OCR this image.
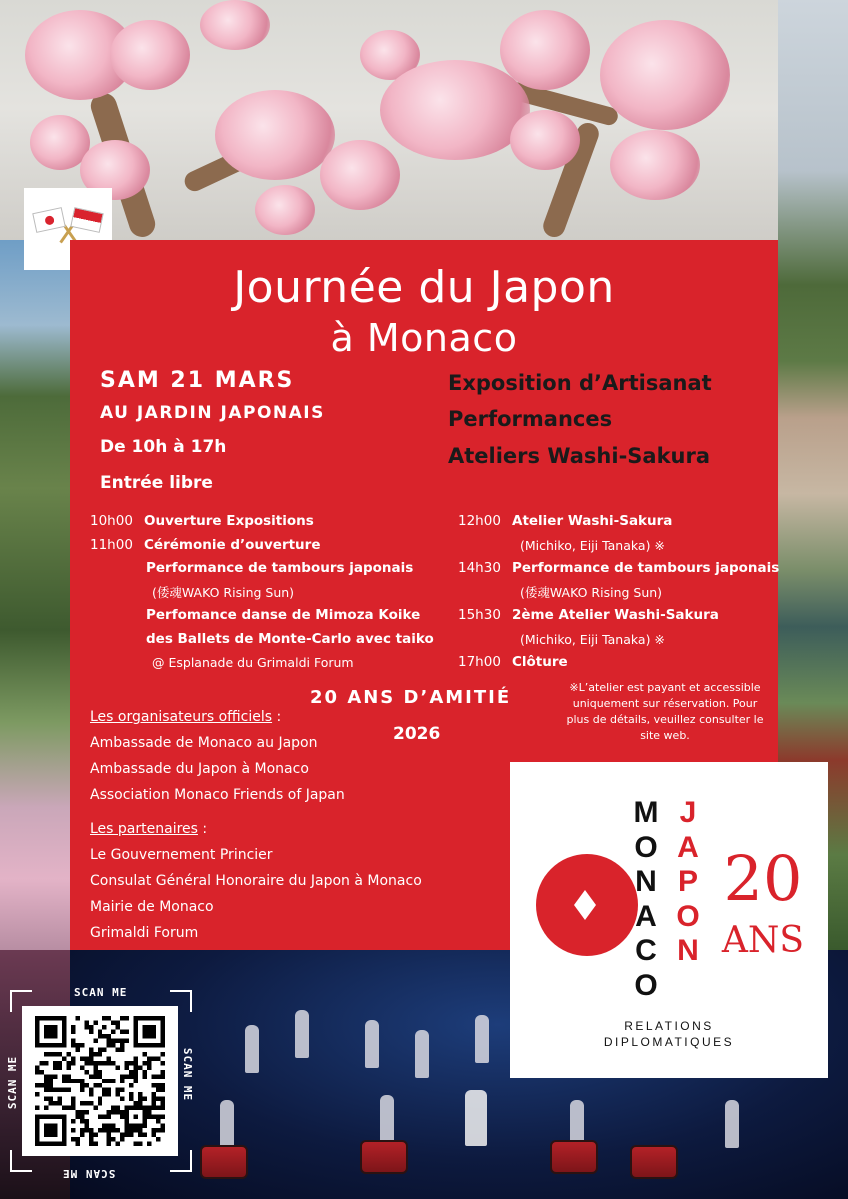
Journée du Japon
à Monaco
SAM 21 MARS
AU JARDIN JAPONAIS
De 10h à 17h
Entrée libre
Exposition d’Artisanat
Performances
Ateliers Washi-Sakura
10h00 Ouverture Expositions
11h00 Cérémonie d’ouverture
Performance de tambours japonais
(倭魂WAKO Rising Sun)
Perfomance danse de Mimoza Koike
des Ballets de Monte-Carlo avec taiko
@ Esplanade du Grimaldi Forum
12h00 Atelier Washi-Sakura
(Michiko, Eiji Tanaka) ※
14h30 Performance de tambours japonais
(倭魂WAKO Rising Sun)
15h30 2ème Atelier Washi-Sakura
(Michiko, Eiji Tanaka) ※
17h00 Clôture
20 ANS D’AMITIÉ
2026
※L’atelier est payant et accessible uniquement sur réservation. Pour plus de détails, veuillez consulter le site web.
Les organisateurs officiels :
Ambassade de Monaco au Japon
Ambassade du Japon à Monaco
Association Monaco Friends of Japan
Les partenaires :
Le Gouvernement Princier
Consulat Général Honoraire du Japon à Monaco
Mairie de Monaco
Grimaldi Forum
M
O
N
A
C
O
J
A
P
O
N
20
ANS
RELATIONS
DIPLOMATIQUES
SCAN ME
SCAN ME
SCAN ME
SCAN ME
